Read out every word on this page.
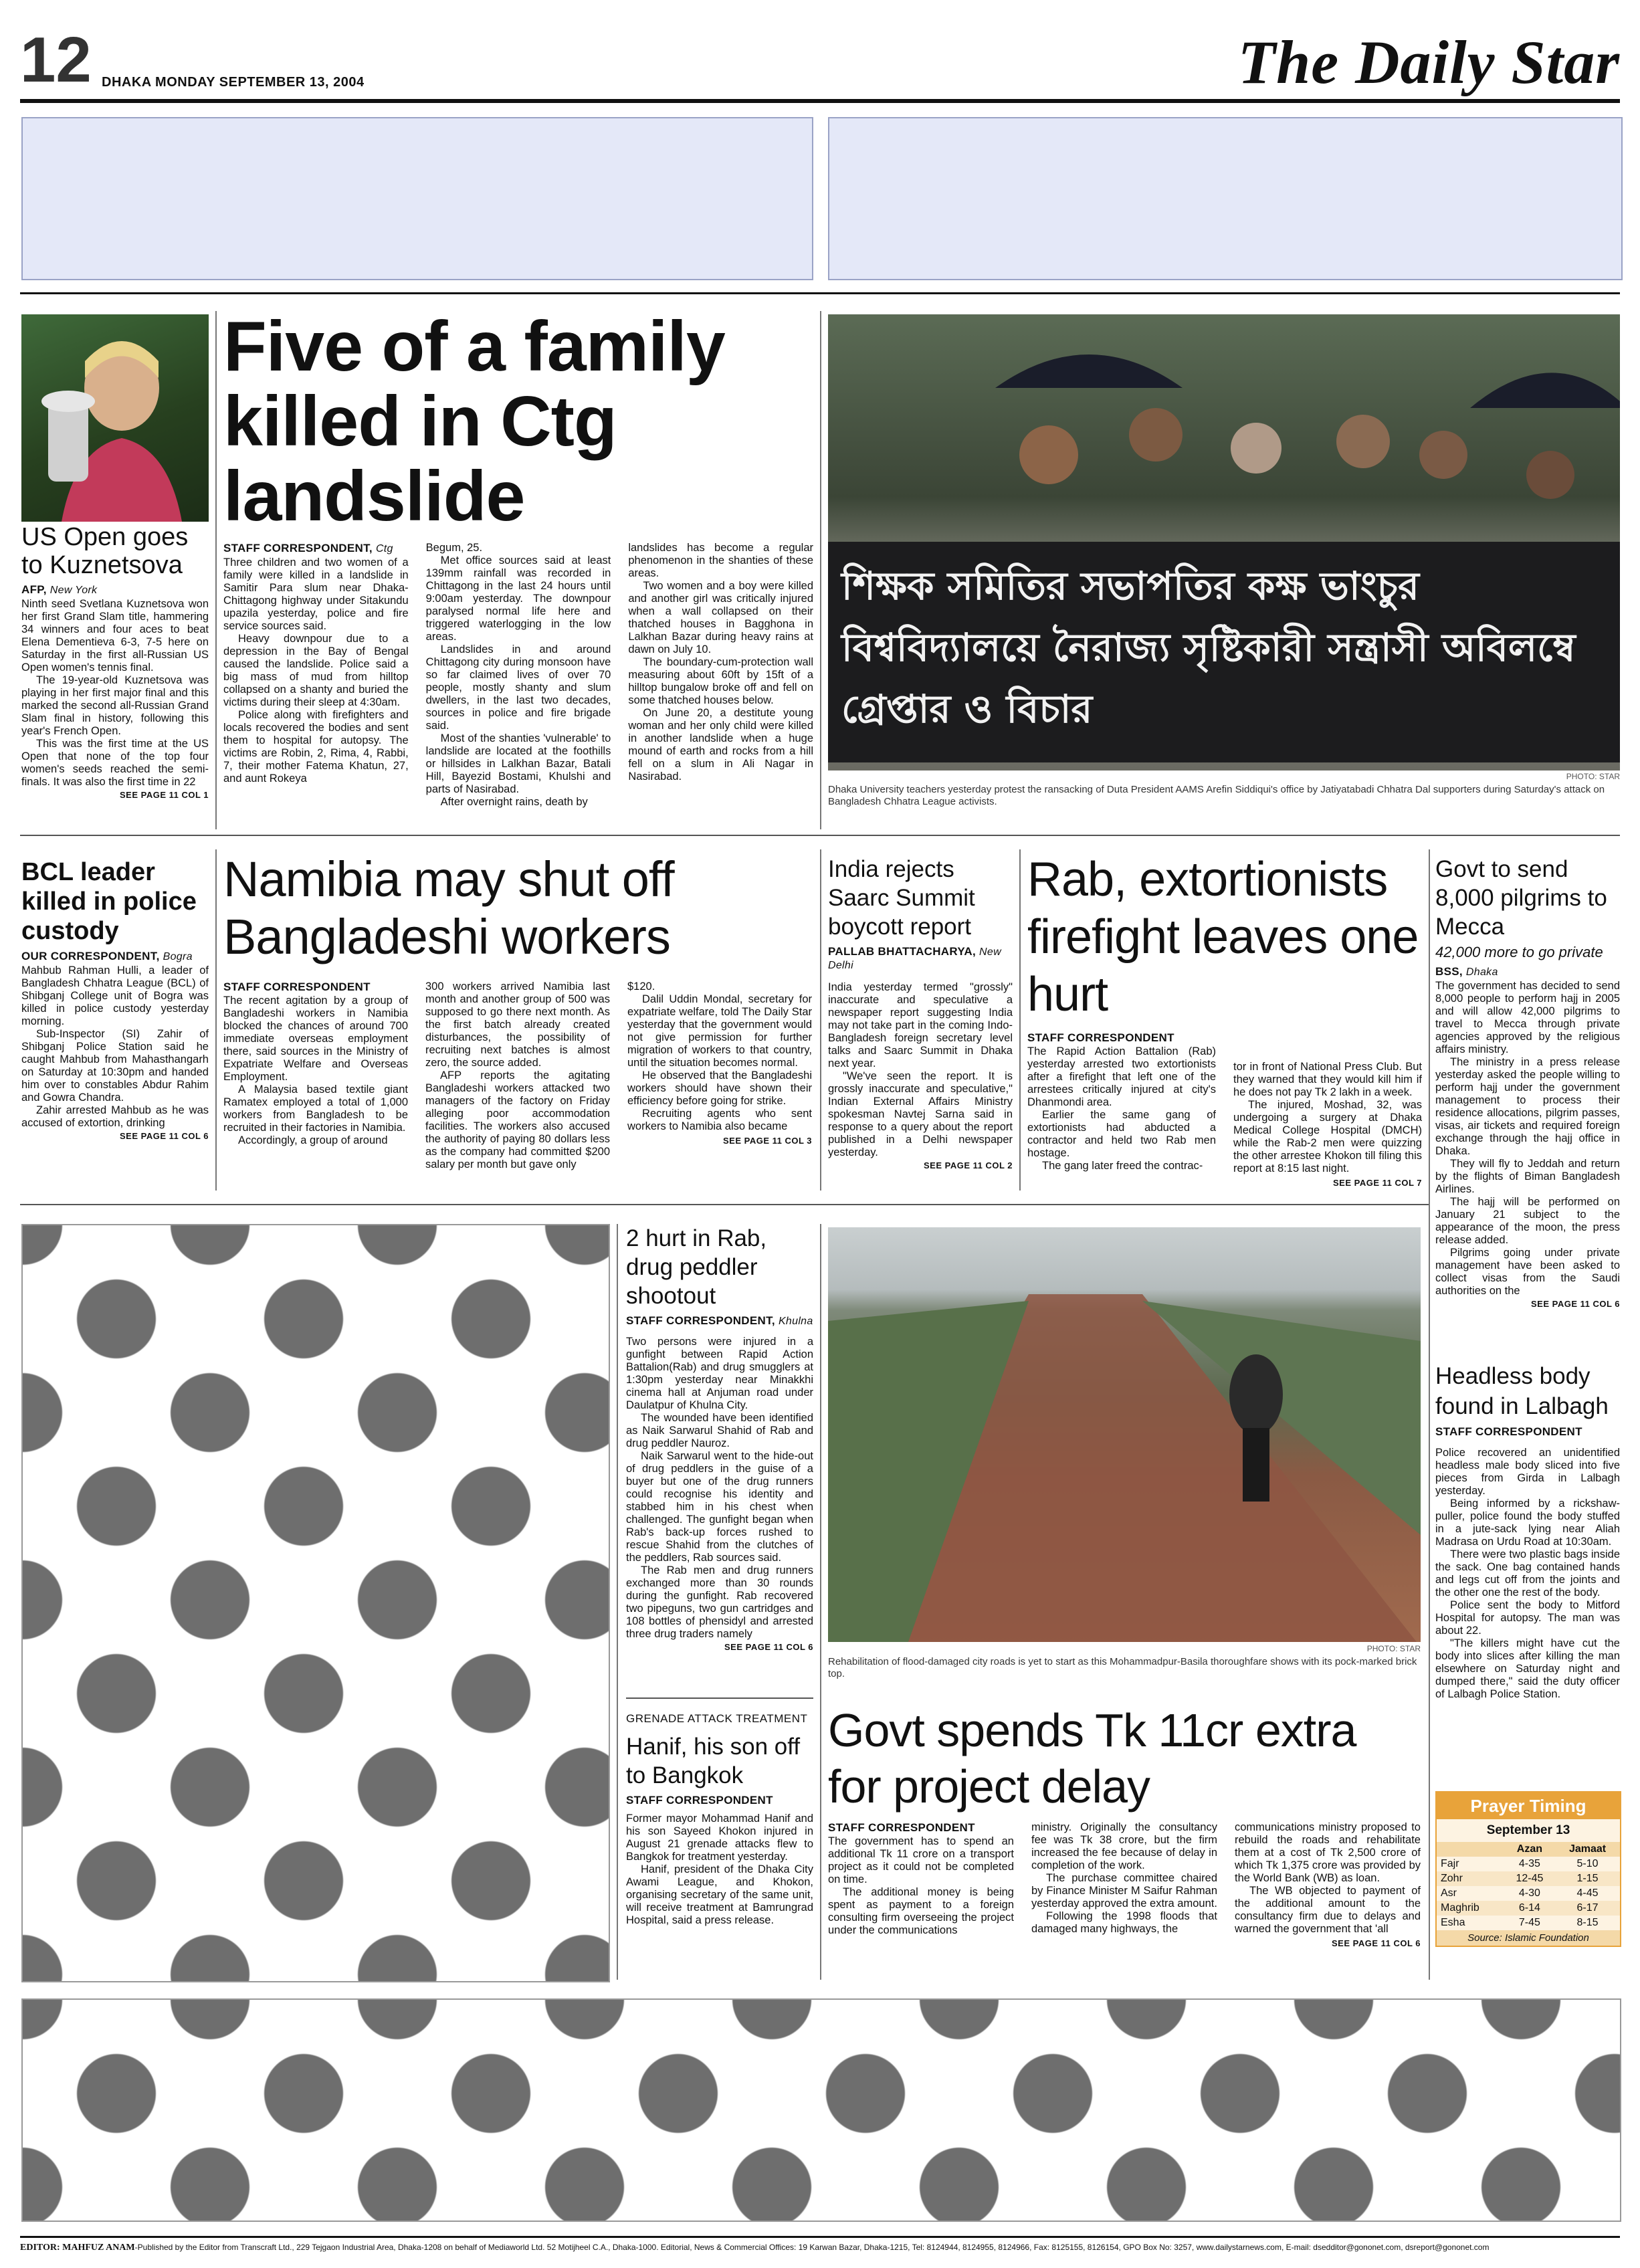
12 DHAKA MONDAY SEPTEMBER 13, 2004	The Daily Star
US Open goes to Kuznetsova
AFP, New York

Ninth seed Svetlana Kuznetsova won her first Grand Slam title, hammering 34 winners and four aces to beat Elena Dementieva 6-3, 7-5 here on Saturday in the first all-Russian US Open women's tennis final.

The 19-year-old Kuznetsova was playing in her first major final and this marked the second all-Russian Grand Slam final in history, following this year's French Open.

This was the first time at the US Open that none of the top four women's seeds reached the semi-finals. It was also the first time in 22

SEE PAGE 11 COL 1
Five of a family killed in Ctg landslide
STAFF CORRESPONDENT, Ctg

Three children and two women of a family were killed in a landslide in Samitir Para slum near Dhaka-Chittagong highway under Sitakundu upazila yesterday, police and fire service sources said.

Heavy downpour due to a depression in the Bay of Bengal caused the landslide. Police said a big mass of mud from hilltop collapsed on a shanty and buried the victims during their sleep at 4:30am.

Police along with firefighters and locals recovered the bodies and sent them to hospital for autopsy. The victims are Robin, 2, Rima, 4, Rabbi, 7, their mother Fatema Khatun, 27, and aunt Rokeya

Begum, 25.

Met office sources said at least 139mm rainfall was recorded in Chittagong in the last 24 hours until 9:00am yesterday. The downpour paralysed normal life here and triggered waterlogging in the low areas.

Landslides in and around Chittagong city during monsoon have so far claimed lives of over 70 people, mostly shanty and slum dwellers, in the last two decades, sources in police and fire brigade said.

Most of the shanties 'vulnerable' to landslide are located at the foothills or hillsides in Lalkhan Bazar, Batali Hill, Bayezid Bostami, Khulshi and parts of Nasirabad.

After overnight rains, death by

landslides has become a regular phenomenon in the shanties of these areas.

Two women and a boy were killed and another girl was critically injured when a wall collapsed on their thatched houses in Bagghona in Lalkhan Bazar during heavy rains at dawn on July 10.

The boundary-cum-protection wall measuring about 60ft by 15ft of a hilltop bungalow broke off and fell on some thatched houses below.

On June 20, a destitute young woman and her only child were killed in another landslide when a huge mound of earth and rocks from a hill fell on a slum in Ali Nagar in Nasirabad.

শিক্ষক সমিতির সভাপতির কক্ষ ভাংচুর বিশ্ববিদ্যালয়ে নৈরাজ্য সৃষ্টিকারী সন্ত্রাসী অবিলম্বে গ্রেপ্তার ও বিচার
PHOTO: STAR
Dhaka University teachers yesterday protest the ransacking of Duta President AAMS Arefin Siddiqui's office by Jatiyatabadi Chhatra Dal supporters during Saturday's attack on Bangladesh Chhatra League activists.
BCL leader killed in police custody
OUR CORRESPONDENT, Bogra

Mahbub Rahman Hulli, a leader of Bangladesh Chhatra League (BCL) of Shibganj College unit of Bogra was killed in police custody yesterday morning.

Sub-Inspector (SI) Zahir of Shibganj Police Station said he caught Mahbub from Mahasthangarh on Saturday at 10:30pm and handed him over to constables Abdur Rahim and Gowra Chandra.

Zahir arrested Mahbub as he was accused of extortion, drinking

SEE PAGE 11 COL 6
Namibia may shut off Bangladeshi workers
STAFF CORRESPONDENT

The recent agitation by a group of Bangladeshi workers in Namibia blocked the chances of around 700 immediate overseas employment there, said sources in the Ministry of Expatriate Welfare and Overseas Employment.

A Malaysia based textile giant Ramatex employed a total of 1,000 workers from Bangladesh to be recruited in their factories in Namibia.

Accordingly, a group of around

300 workers arrived Namibia last month and another group of 500 was supposed to go there next month. As the first batch already created disturbances, the possibility of recruiting next batches is almost zero, the source added.

AFP reports the agitating Bangladeshi workers attacked two managers of the factory on Friday alleging poor accommodation facilities. The workers also accused the authority of paying 80 dollars less as the company had committed $200 salary per month but gave only

$120.

Dalil Uddin Mondal, secretary for expatriate welfare, told The Daily Star yesterday that the government would not give permission for further migration of workers to that country, until the situation becomes normal.

He observed that the Bangladeshi workers should have shown their efficiency before going for strike.

Recruiting agents who sent workers to Namibia also became

SEE PAGE 11 COL 3
India rejects Saarc Summit boycott report
PALLAB BHATTACHARYA, New Delhi

India yesterday termed "grossly" inaccurate and speculative a newspaper report suggesting India may not take part in the coming Indo-Bangladesh foreign secretary level talks and Saarc Summit in Dhaka next year.

"We've seen the report. It is grossly inaccurate and speculative," Indian External Affairs Ministry spokesman Navtej Sarna said in response to a query about the report published in a Delhi newspaper yesterday.

SEE PAGE 11 COL 2
Rab, extortionists firefight leaves one hurt
STAFF CORRESPONDENT

The Rapid Action Battalion (Rab) yesterday arrested two extortionists after a firefight that left one of the arrestees critically injured at city's Dhanmondi area.

Earlier the same gang of extortionists had abducted a contractor and held two Rab men hostage.

The gang later freed the contrac-

tor in front of National Press Club. But they warned that they would kill him if he does not pay Tk 2 lakh in a week.

The injured, Moshad, 32, was undergoing a surgery at Dhaka Medical College Hospital (DMCH) while the Rab-2 men were quizzing the other arrestee Khokon till filing this report at 8:15 last night.

SEE PAGE 11 COL 7
Govt to send 8,000 pilgrims to Mecca
42,000 more to go private
BSS, Dhaka

The government has decided to send 8,000 people to perform hajj in 2005 and will allow 42,000 pilgrims to travel to Mecca through private agencies approved by the religious affairs ministry.

The ministry in a press release yesterday asked the people willing to perform hajj under the government management to process their residence allocations, pilgrim passes, visas, air tickets and required foreign exchange through the hajj office in Dhaka.

They will fly to Jeddah and return by the flights of Biman Bangladesh Airlines.

The hajj will be performed on January 21 subject to the appearance of the moon, the press release added.

Pilgrims going under private management have been asked to collect visas from the Saudi authorities on the

SEE PAGE 11 COL 6
2 hurt in Rab, drug peddler shootout
STAFF CORRESPONDENT, Khulna

Two persons were injured in a gunfight between Rapid Action Battalion(Rab) and drug smugglers at 1:30pm yesterday near Minakkhi cinema hall at Anjuman road under Daulatpur of Khulna City.

The wounded have been identified as Naik Sarwarul Shahid of Rab and drug peddler Nauroz.

Naik Sarwarul went to the hide-out of drug peddlers in the guise of a buyer but one of the drug runners could recognise his identity and stabbed him in his chest when challenged. The gunfight began when Rab's back-up forces rushed to rescue Shahid from the clutches of the peddlers, Rab sources said.

The Rab men and drug runners exchanged more than 30 rounds during the gunfight. Rab recovered two pipeguns, two gun cartridges and 108 bottles of phensidyl and arrested three drug traders namely

SEE PAGE 11 COL 6
GRENADE ATTACK TREATMENT
Hanif, his son off to Bangkok
STAFF CORRESPONDENT

Former mayor Mohammad Hanif and his son Sayeed Khokon injured in August 21 grenade attacks flew to Bangkok for treatment yesterday.

Hanif, president of the Dhaka City Awami League, and Khokon, organising secretary of the same unit, will receive treatment at Bamrungrad Hospital, said a press release.

PHOTO: STAR
Rehabilitation of flood-damaged city roads is yet to start as this Mohammadpur-Basila thoroughfare shows with its pock-marked brick top.
Govt spends Tk 11cr extra for project delay
STAFF CORRESPONDENT

The government has to spend an additional Tk 11 crore on a transport project as it could not be completed on time.

The additional money is being spent as payment to a foreign consulting firm overseeing the project under the communications

ministry. Originally the consultancy fee was Tk 38 crore, but the firm increased the fee because of delay in completion of the work.

The purchase committee chaired by Finance Minister M Saifur Rahman yesterday approved the extra amount.

Following the 1998 floods that damaged many highways, the

communications ministry proposed to rebuild the roads and rehabilitate them at a cost of Tk 2,500 crore of which Tk 1,375 crore was provided by the World Bank (WB) as loan.

The WB objected to payment of the additional amount to the consultancy firm due to delays and warned the government that 'all

SEE PAGE 11 COL 6
Headless body found in Lalbagh
STAFF CORRESPONDENT

Police recovered an unidentified headless male body sliced into five pieces from Girda in Lalbagh yesterday.

Being informed by a rickshaw-puller, police found the body stuffed in a jute-sack lying near Aliah Madrasa on Urdu Road at 10:30am.

There were two plastic bags inside the sack. One bag contained hands and legs cut off from the joints and the other one the rest of the body.

Police sent the body to Mitford Hospital for autopsy. The man was about 22.

"The killers might have cut the body into slices after killing the man elsewhere on Saturday night and dumped there," said the duty officer of Lalbagh Police Station.

Prayer Timing
September 13
	Azan	Jamaat
Fajr	4-35	5-10
Zohr	12-45	1-15
Asr	4-30	4-45
Maghrib	6-14	6-17
Esha	7-45	8-15
Source: Islamic Foundation
EDITOR: MAHFUZ ANAM-Published by the Editor from Transcraft Ltd., 229 Tejgaon Industrial Area, Dhaka-1208 on behalf of Mediaworld Ltd. 52 Motijheel C.A., Dhaka-1000. Editorial, News & Commercial Offices: 19 Karwan Bazar, Dhaka-1215, Tel: 8124944, 8124955, 8124966, Fax: 8125155, 8126154, GPO Box No: 3257, www.dailystarnews.com, E-mail: dsedditor@gononet.com, dsreport@gononet.com
